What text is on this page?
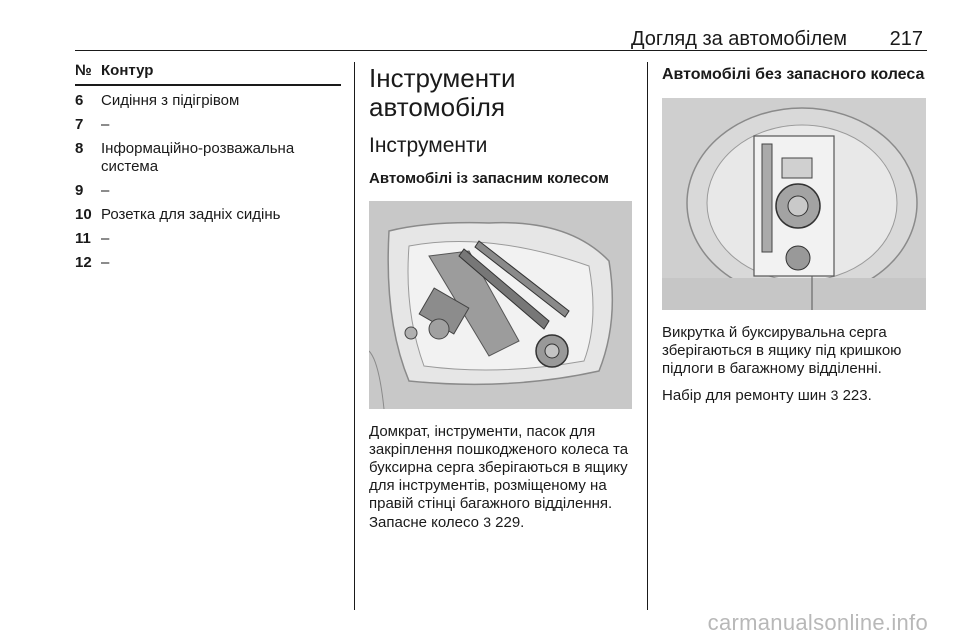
Догляд за автомобілем 217
№ Контур
6	Сидіння з підігрівом
7	–
8	Інформаційно-розважальна система
9	–
10 Розетка для задніх сидінь
11 –
12 –
Інструменти автомобіля
Інструменти
Автомобілі із запасним колесом

Домкрат, інструменти, пасок для закріплення пошкодженого колеса та буксирна серга зберігаються в ящику для інструментів, розміщеному на правій стінці багажного відділення. Запасне колесо 3 229.

Автомобілі без запасного колеса

Викрутка й буксирувальна серга зберігаються в ящику під кришкою підлоги в багажному відділенні.

Набір для ремонту шин 3 223.

carmanualsonline.info
